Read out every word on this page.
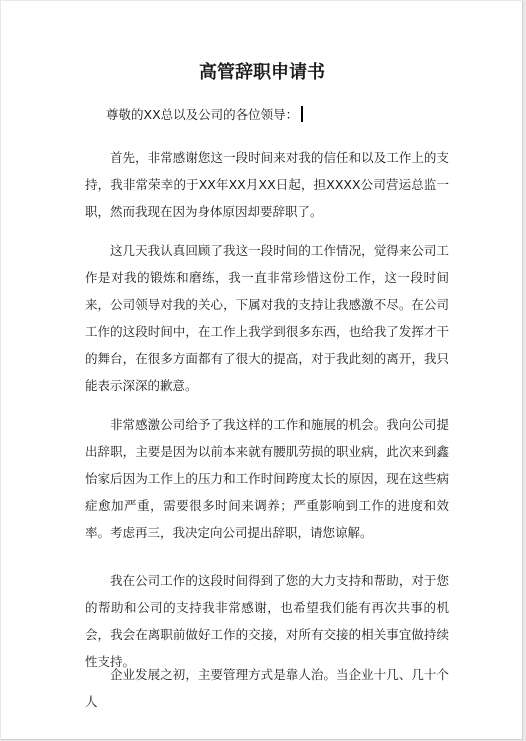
高管辞职申请书
尊敬的XX总以及公司的各位领导：

首先，非常感谢您这一段时间来对我的信任和以及工作上的支持，我非常荣幸的于XX年XX月XX日起，担XXXX公司营运总监一职，然而我现在因为身体原因却要辞职了。

这几天我认真回顾了我这一段时间的工作情况，觉得来公司工作是对我的锻炼和磨练，我一直非常珍惜这份工作，这一段时间来，公司领导对我的关心，下属对我的支持让我感激不尽。在公司工作的这段时间中，在工作上我学到很多东西，也给我了发挥才干的舞台，在很多方面都有了很大的提高，对于我此刻的离开，我只能表示深深的歉意。

非常感激公司给予了我这样的工作和施展的机会。我向公司提出辞职，主要是因为以前本来就有腰肌劳损的职业病，此次来到鑫怡家后因为工作上的压力和工作时间跨度太长的原因，现在这些病症愈加严重，需要很多时间来调养；严重影响到工作的进度和效率。考虑再三，我决定向公司提出辞职，请您谅解。

我在公司工作的这段时间得到了您的大力支持和帮助，对于您的帮助和公司的支持我非常感谢，也希望我们能有再次共事的机会，我会在离职前做好工作的交接，对所有交接的相关事宜做持续性支持。

企业发展之初，主要管理方式是靠人治。当企业十几、几十个人
